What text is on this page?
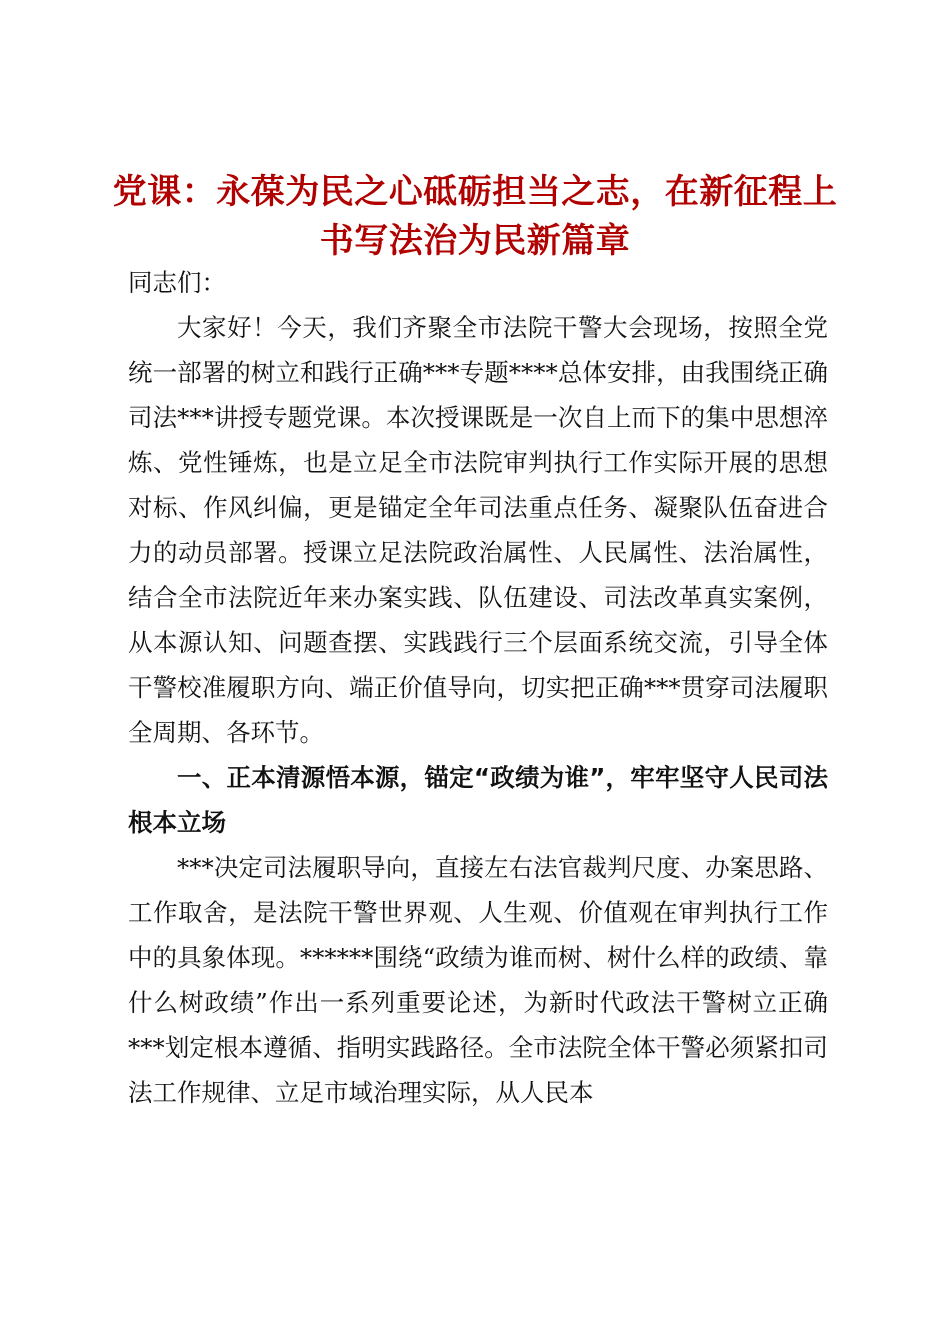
党课：永葆为民之心砥砺担当之志，在新征程上书写法治为民新篇章

同志们：

大家好！今天，我们齐聚全市法院干警大会现场，按照全党统一部署的树立和践行正确***专题****总体安排，由我围绕正确司法***讲授专题党课。本次授课既是一次自上而下的集中思想淬炼、党性锤炼，也是立足全市法院审判执行工作实际开展的思想对标、作风纠偏，更是锚定全年司法重点任务、凝聚队伍奋进合力的动员部署。授课立足法院政治属性、人民属性、法治属性，结合全市法院近年来办案实践、队伍建设、司法改革真实案例，从本源认知、问题查摆、实践践行三个层面系统交流，引导全体干警校准履职方向、端正价值导向，切实把正确***贯穿司法履职全周期、各环节。

一、正本清源悟本源，锚定“政绩为谁”，牢牢坚守人民司法根本立场

***决定司法履职导向，直接左右法官裁判尺度、办案思路、工作取舍，是法院干警世界观、人生观、价值观在审判执行工作中的具象体现。******围绕“政绩为谁而树、树什么样的政绩、靠什么树政绩”作出一系列重要论述，为新时代政法干警树立正确***划定根本遵循、指明实践路径。全市法院全体干警必须紧扣司法工作规律、立足市域治理实际，从人民本
